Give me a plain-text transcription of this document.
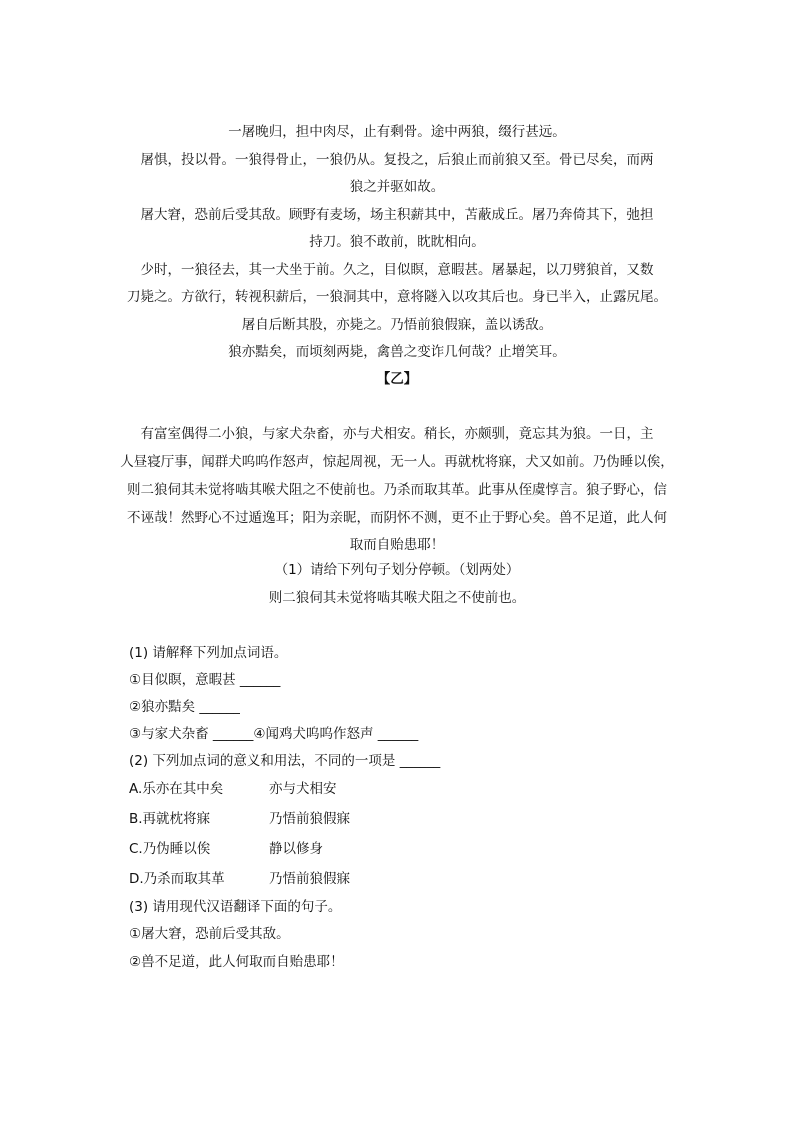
一屠晚归，担中肉尽，止有剩骨。途中两狼，缀行甚远。
屠惧，投以骨。一狼得骨止，一狼仍从。复投之，后狼止而前狼又至。骨已尽矣，而两
狼之并驱如故。
屠大窘，恐前后受其敌。顾野有麦场，场主积薪其中，苫蔽成丘。屠乃奔倚其下，弛担
持刀。狼不敢前，眈眈相向。
少时，一狼径去，其一犬坐于前。久之，目似瞑，意暇甚。屠暴起，以刀劈狼首，又数
刀毙之。方欲行，转视积薪后，一狼洞其中，意将隧入以攻其后也。身已半入，止露尻尾。
屠自后断其股，亦毙之。乃悟前狼假寐，盖以诱敌。
狼亦黠矣，而顷刻两毙，禽兽之变诈几何哉？止增笑耳。
【乙】
有富室偶得二小狼，与家犬杂畜，亦与犬相安。稍长，亦颇驯，竟忘其为狼。一日，主
人昼寝厅事，闻群犬呜呜作怒声，惊起周视，无一人。再就枕将寐，犬又如前。乃伪睡以俟，
则二狼伺其未觉将啮其喉犬阻之不使前也。乃杀而取其革。此事从侄虞惇言。狼子野心，信
不诬哉！然野心不过遁逸耳；阳为亲昵，而阴怀不测，更不止于野心矣。兽不足道，此人何
取而自贻患耶！
（1）请给下列句子划分停顿。（划两处）
则二狼伺其未觉将啮其喉犬阻之不使前也。
(1) 请解释下列加点词语。
①目似瞑，意暇甚 ______
②狼亦黠矣 ______
③与家犬杂畜 ______④闻鸡犬呜呜作怒声 ______
(2) 下列加点词的意义和用法，不同的一项是 ______
A.乐亦在其中矣	亦与犬相安
B.再就枕将寐	乃悟前狼假寐
C.乃伪睡以俟	静以修身
D.乃杀而取其革	乃悟前狼假寐
(3) 请用现代汉语翻译下面的句子。
①屠大窘，恐前后受其敌。
②兽不足道，此人何取而自贻患耶！
